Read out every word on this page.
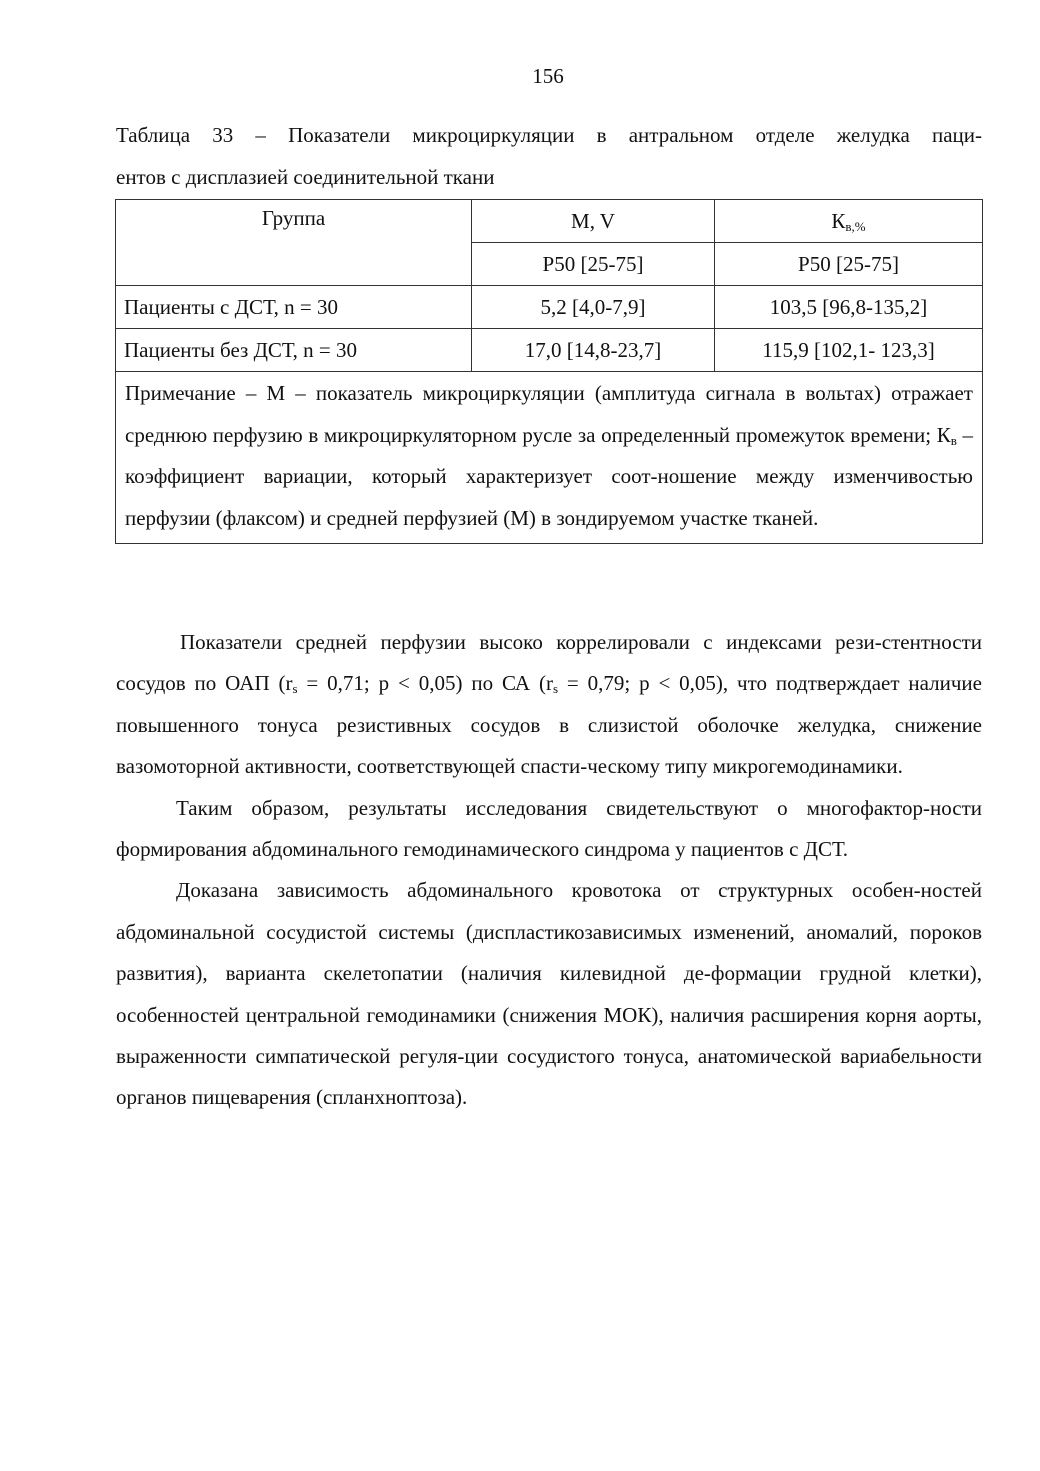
156
Таблица 33 – Показатели микроциркуляции в антральном отделе желудка паци-
ентов с дисплазией соединительной ткани
Группа	M, V	$К_{в,\%}$
	P50 [25-75]	P50 [25-75]
Пациенты с ДСТ, n = 30	5,2 [4,0-7,9]	103,5 [96,8-135,2]
Пациенты без ДСТ, n = 30	17,0 [14,8-23,7]	115,9 [102,1- 123,3]
Примечание – М – показатель микроциркуляции (амплитуда сигнала в вольтах) отражает среднюю перфузию в микроциркуляторном русле за определенный промежуток времени; $К_в$ – коэффициент вариации, который характеризует соот-ношение между изменчивостью перфузии (флаксом) и средней перфузией (М) в зондируемом участке тканей.		

Показатели средней перфузии высоко коррелировали с индексами рези-стентности сосудов по ОАП ($r_s = 0,71$; p < 0,05) по СА ($r_s = 0,79$; p < 0,05), что подтверждает наличие повышенного тонуса резистивных сосудов в слизистой оболочке желудка, снижение вазомоторной активности, соответствующей спасти-ческому типу микрогемодинамики.

Таким образом, результаты исследования свидетельствуют о многофактор-ности формирования абдоминального гемодинамического синдрома у пациентов с ДСТ.

Доказана зависимость абдоминального кровотока от структурных особен-ностей абдоминальной сосудистой системы (диспластикозависимых изменений, аномалий, пороков развития), варианта скелетопатии (наличия килевидной де-формации грудной клетки), особенностей центральной гемодинамики (снижения МОК), наличия расширения корня аорты, выраженности симпатической регуля-ции сосудистого тонуса, анатомической вариабельности органов пищеварения (спланхноптоза).
